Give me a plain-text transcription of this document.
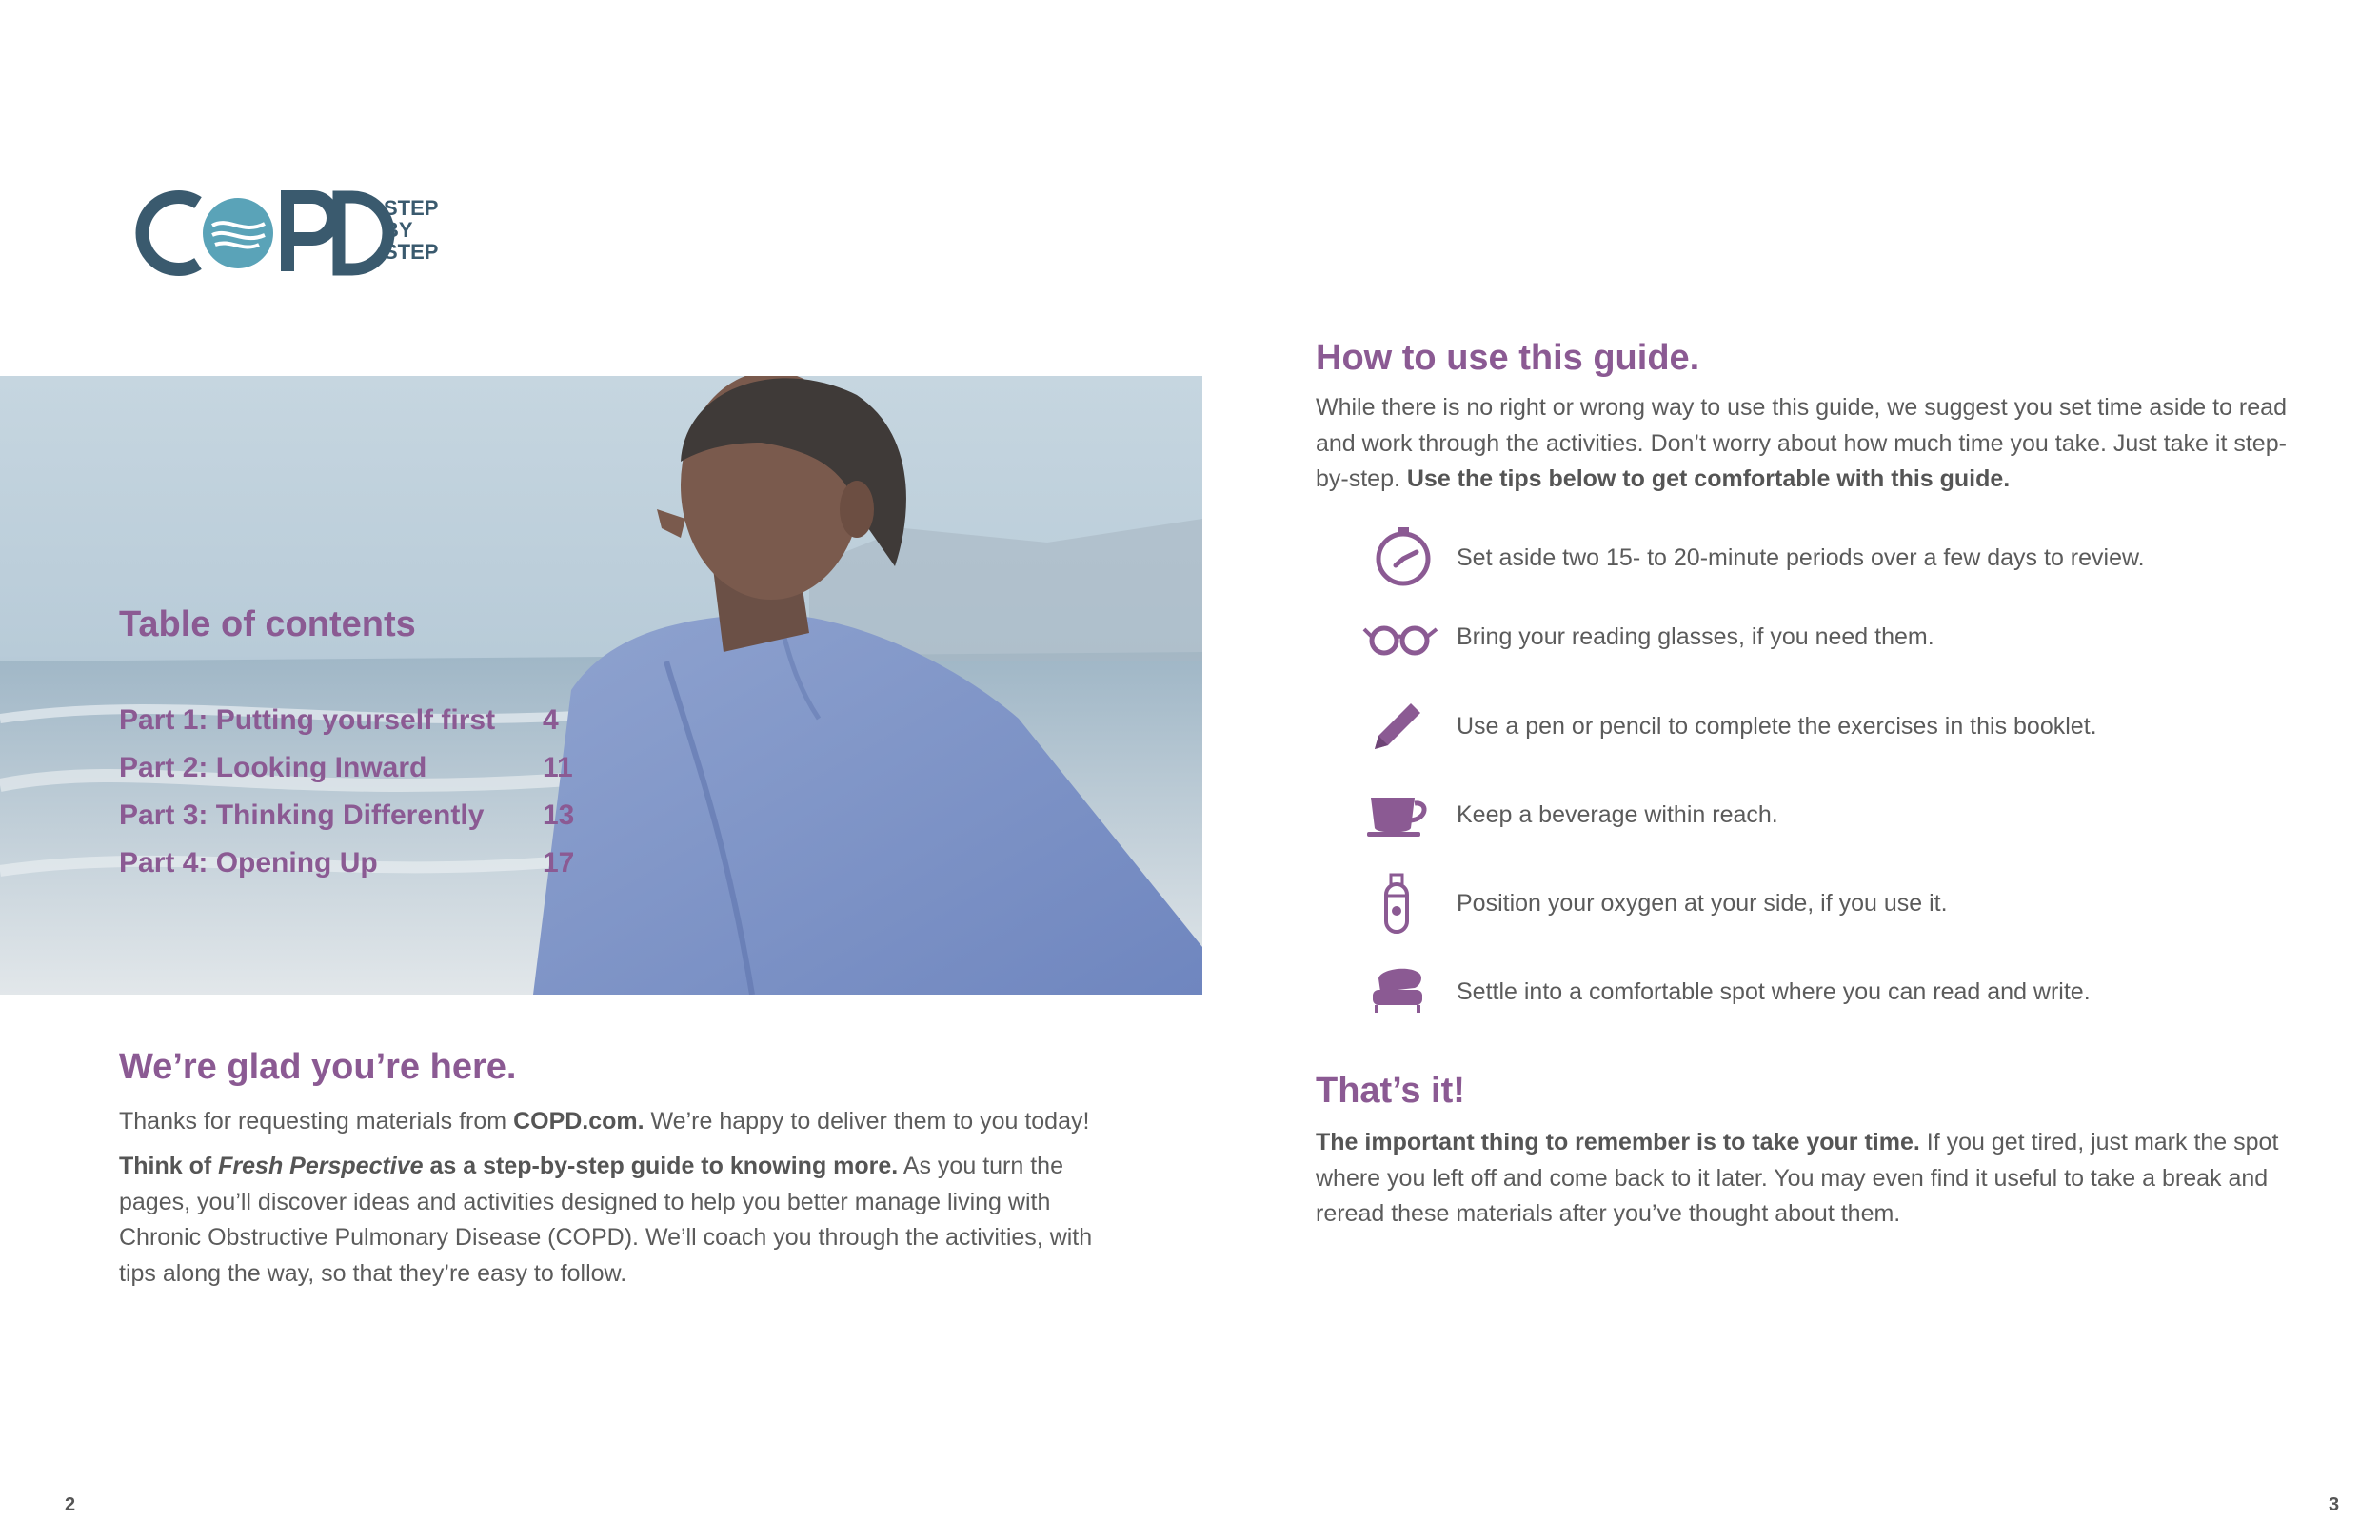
STEP
BY
STEP
Table of contents
Part 1: Putting yourself first 4
Part 2: Looking Inward	11
Part 3: Thinking Differently 13
Part 4: Opening Up	17
We’re glad you’re here.
Thanks for requesting materials from COPD.com. We’re happy to deliver them to you today!
Think of Fresh Perspective as a step-by-step guide to knowing more. As you turn the pages, you’ll discover ideas and activities designed to help you better manage living with Chronic Obstructive Pulmonary Disease (COPD). We’ll coach you through the activities, with tips along the way, so that they’re easy to follow.
How to use this guide.
While there is no right or wrong way to use this guide, we suggest you set time aside to read and work through the activities. Don’t worry about how much time you take. Just take it step-by-step. Use the tips below to get comfortable with this guide.
Set aside two 15- to 20-minute periods over a few days to review.
Bring your reading glasses, if you need them.
Use a pen or pencil to complete the exercises in this booklet.
Keep a beverage within reach.
Position your oxygen at your side, if you use it.
Settle into a comfortable spot where you can read and write.
That’s it!
The important thing to remember is to take your time. If you get tired, just mark the spot where you left off and come back to it later. You may even find it useful to take a break and reread these materials after you’ve thought about them.
2	3
